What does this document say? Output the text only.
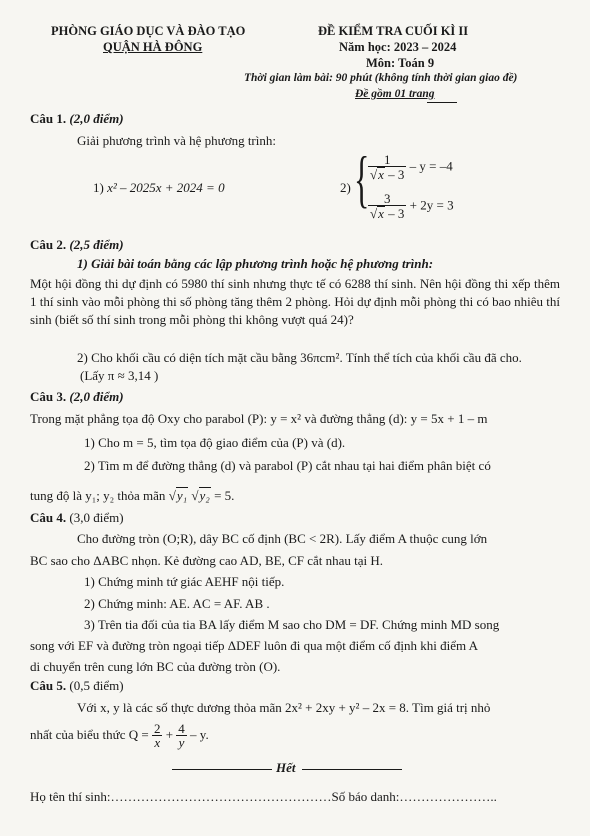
PHÒNG GIÁO DỤC VÀ ĐÀO TẠO
QUẬN HÀ ĐÔNG
ĐỀ KIỂM TRA CUỐI KÌ II
Năm học: 2023 – 2024
Môn: Toán 9
Thời gian làm bài: 90 phút (không tính thời gian giao đề)
Đề gồm 01 trang
Câu 1. (2,0 điểm)
Giải phương trình và hệ phương trình:
1) x² – 2025x + 2024 = 0	2) {
$\frac{1}{√x - 3} - y = -4$
$\frac{3}{√x - 3} + 2y = 3$
Câu 2. (2,5 điểm)
1) Giải bài toán bằng các lập phương trình hoặc hệ phương trình:
Một hội đồng thi dự định có 5980 thí sinh nhưng thực tế có 6288 thí sinh. Nên hội đồng thi xếp thêm 1 thí sinh vào mỗi phòng thi số phòng tăng thêm 2 phòng. Hỏi dự định mỗi phòng thi có bao nhiêu thí sinh (biết số thí sinh trong mỗi phòng thi không vượt quá 24)?
2) Cho khối cầu có diện tích mặt cầu bằng 36πcm². Tính thể tích của khối cầu đã cho.
(Lấy π ≈ 3,14 )
Câu 3. (2,0 điểm)
Trong mặt phẳng tọa độ Oxy cho parabol (P): y = x² và đường thẳng (d): y = 5x + 1 – m
1) Cho m = 5, tìm tọa độ giao điểm của (P) và (d).
2) Tìm m để đường thẳng (d) và parabol (P) cắt nhau tại hai điểm phân biệt có
tung độ là y₁; y₂ thỏa mãn √y₁ √y₂ = 5.
Câu 4. (3,0 điểm)
Cho đường tròn (O;R), dây BC cố định (BC < 2R). Lấy điểm A thuộc cung lớn
BC sao cho ΔABC nhọn. Kẻ đường cao AD, BE, CF cắt nhau tại H.
1) Chứng minh tứ giác AEHF nội tiếp.
2) Chứng minh: AE. AC = AF. AB .
3) Trên tia đối của tia BA lấy điểm M sao cho DM = DF. Chứng minh MD song
song với EF và đường tròn ngoại tiếp ΔDEF luôn đi qua một điểm cố định khi điểm A
di chuyển trên cung lớn BC của đường tròn (O).
Câu 5. (0,5 điểm)
Với x, y là các số thực dương thỏa mãn 2x² + 2xy + y² – 2x = 8. Tìm giá trị nhỏ
nhất của biểu thức $Q = \frac{2}{x} + \frac{4}{y} - y$.
Hết
Họ tên thí sinh:……………………………………………Số báo danh:…………………..
